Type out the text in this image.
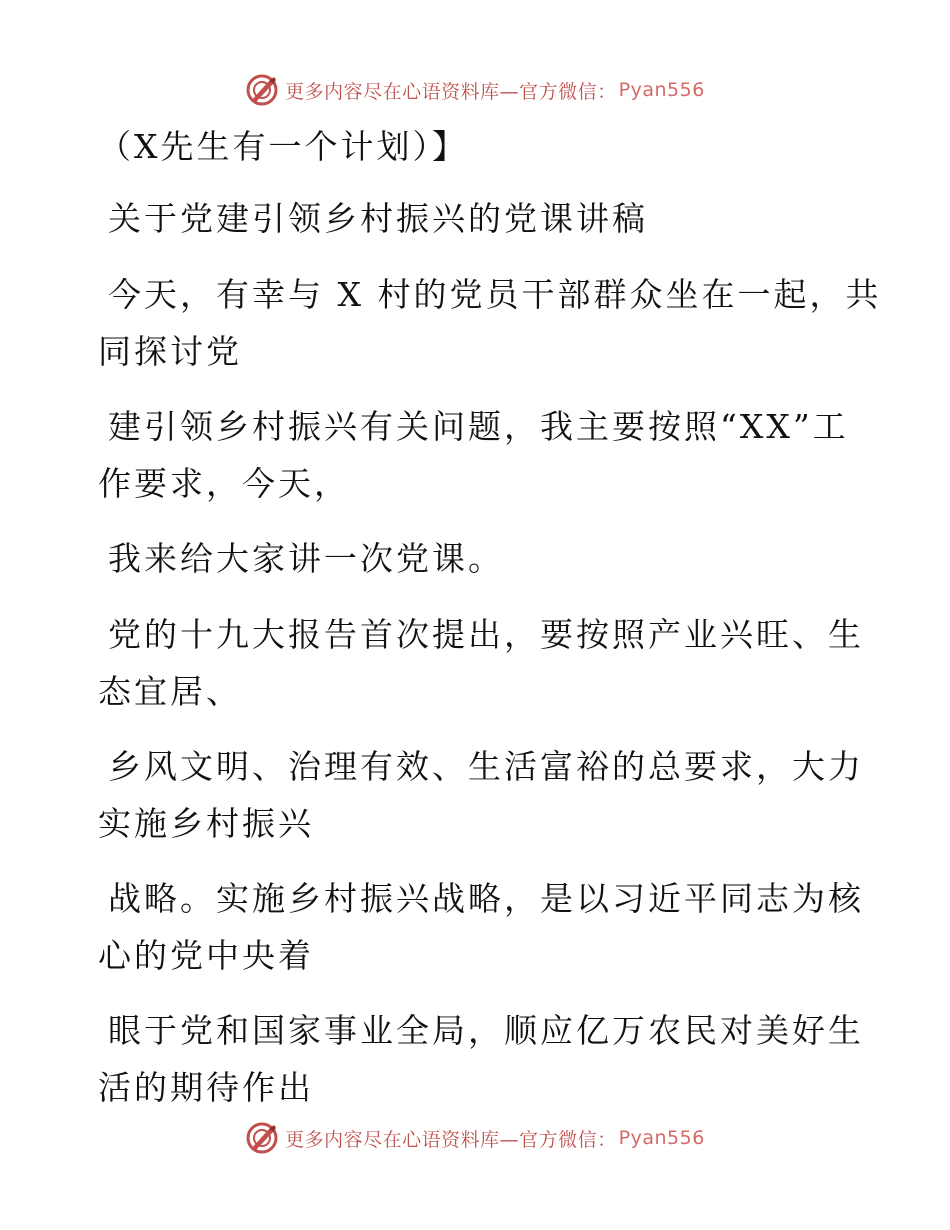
更多内容尽在心语资料库—官方微信： Pyan556
（X先生有一个计划）】
关于党建引领乡村振兴的党课讲稿
今天，有幸与 X 村的党员干部群众坐在一起，共
同探讨党
建引领乡村振兴有关问题，我主要按照“XX”工
作要求，今天，
我来给大家讲一次党课。
党的十九大报告首次提出，要按照产业兴旺、生
态宜居、
乡风文明、治理有效、生活富裕的总要求，大力
实施乡村振兴
战略。实施乡村振兴战略，是以习近平同志为核
心的党中央着
眼于党和国家事业全局，顺应亿万农民对美好生
活的期待作出
更多内容尽在心语资料库—官方微信： Pyan556
